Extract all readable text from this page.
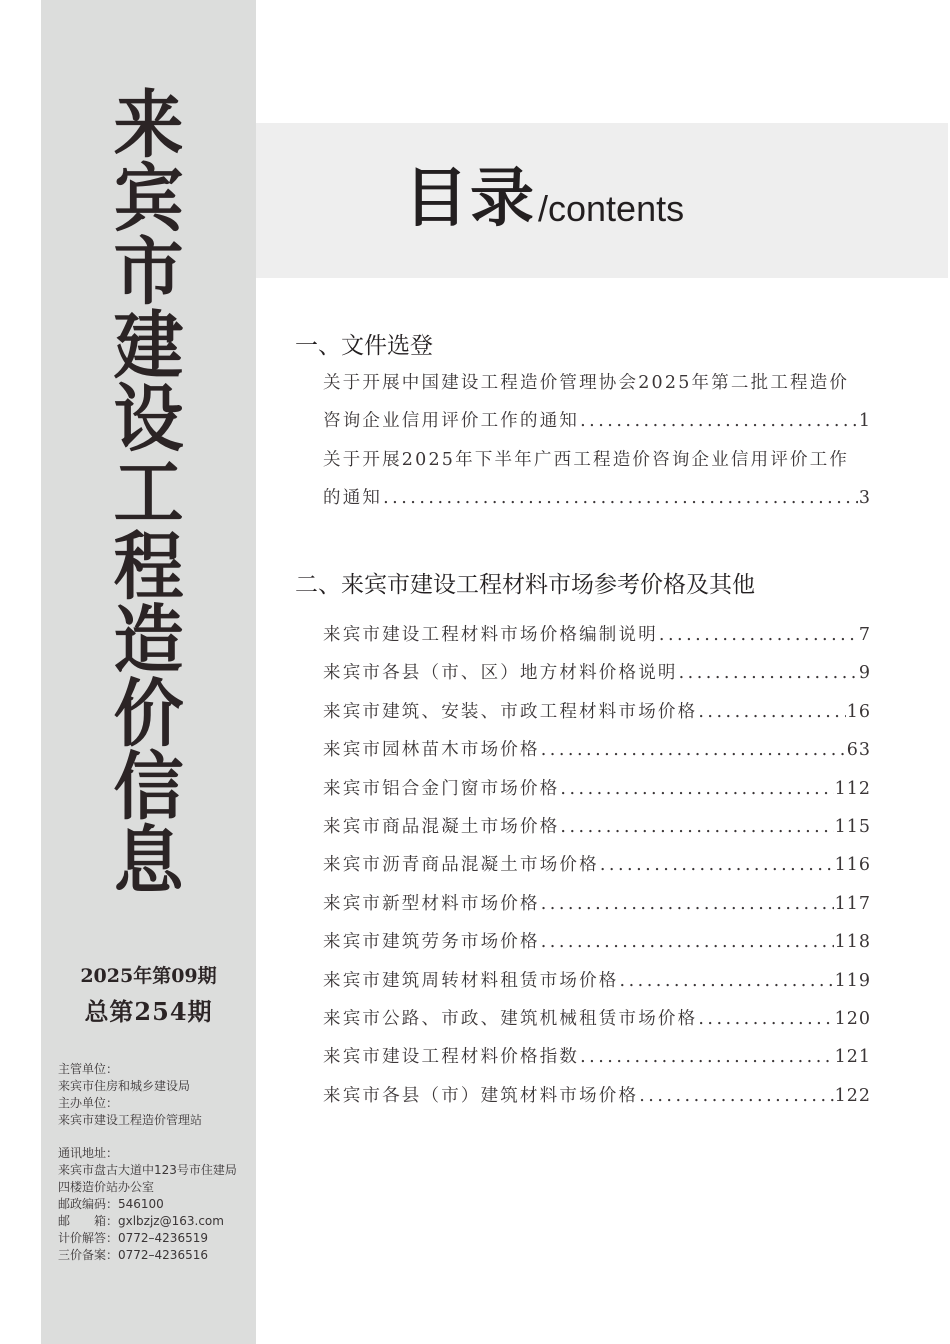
来
宾
市
建
设
工
程
造
价
信
息
2025年第09期
总第254期
主管单位：
来宾市住房和城乡建设局
主办单位：
来宾市建设工程造价管理站
通讯地址：
来宾市盘古大道中123号市住建局
四楼造价站办公室
邮政编码：546100
邮　　箱：gxlbzjz@163.com
计价解答：0772–4236519
三价备案：0772–4236516
目录 /contents
一、文件选登
关于开展中国建设工程造价管理协会2025年第二批工程造价
咨询企业信用评价工作的通知 .....	1
关于开展2025年下半年广西工程造价咨询企业信用评价工作
的通知 .....	3
二、来宾市建设工程材料市场参考价格及其他
来宾市建设工程材料市场价格编制说明 .....	7
来宾市各县（市、区）地方材料价格说明 .....	9
来宾市建筑、安装、市政工程材料市场价格 .....	16
来宾市园林苗木市场价格 .....	63
来宾市铝合金门窗市场价格 .....	112
来宾市商品混凝土市场价格 .....	115
来宾市沥青商品混凝土市场价格 .....	116
来宾市新型材料市场价格 .....	117
来宾市建筑劳务市场价格 .....	118
来宾市建筑周转材料租赁市场价格 .....	119
来宾市公路、市政、建筑机械租赁市场价格 .....	120
来宾市建设工程材料价格指数 .....	121
来宾市各县（市）建筑材料市场价格 .....	122
